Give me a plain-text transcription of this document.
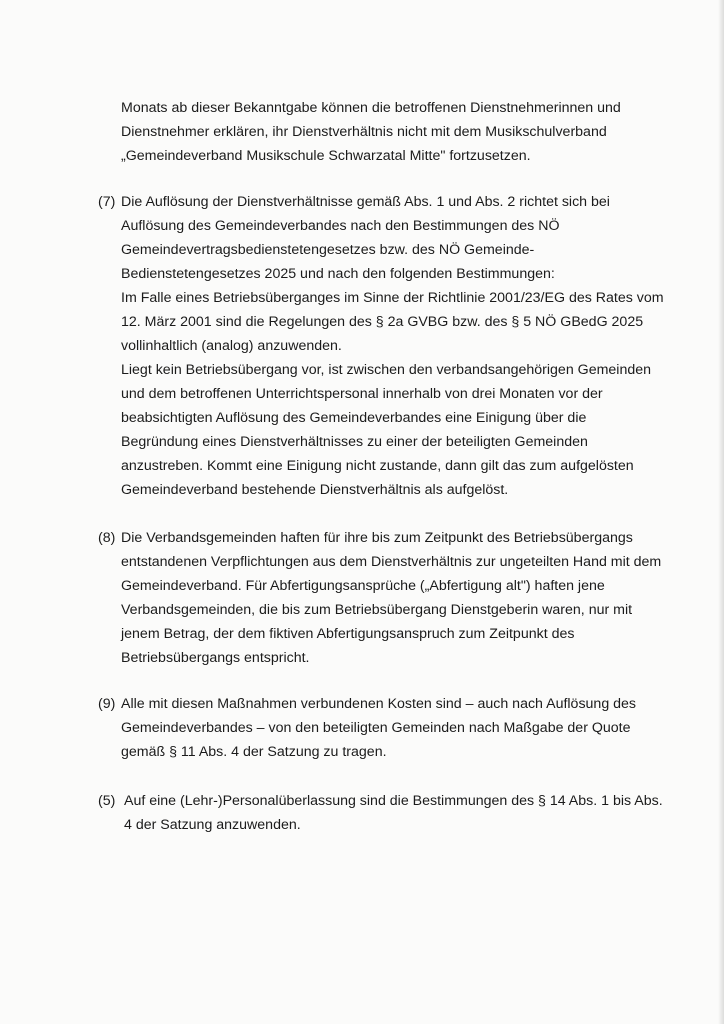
Monats ab dieser Bekanntgabe können die betroffenen Dienstnehmerinnen und
Dienstnehmer erklären, ihr Dienstverhältnis nicht mit dem Musikschulverband
„Gemeindeverband Musikschule Schwarzatal Mitte" fortzusetzen.
(7) Die Auflösung der Dienstverhältnisse gemäß Abs. 1 und Abs. 2 richtet sich bei
Auflösung des Gemeindeverbandes nach den Bestimmungen des NÖ
Gemeindevertragsbedienstetengesetzes bzw. des NÖ Gemeinde-
Bedienstetengesetzes 2025 und nach den folgenden Bestimmungen:
Im Falle eines Betriebsüberganges im Sinne der Richtlinie 2001/23/EG des Rates vom
12. März 2001 sind die Regelungen des § 2a GVBG bzw. des § 5 NÖ GBedG 2025
vollinhaltlich (analog) anzuwenden.
Liegt kein Betriebsübergang vor, ist zwischen den verbandsangehörigen Gemeinden
und dem betroffenen Unterrichtspersonal innerhalb von drei Monaten vor der
beabsichtigten Auflösung des Gemeindeverbandes eine Einigung über die
Begründung eines Dienstverhältnisses zu einer der beteiligten Gemeinden
anzustreben. Kommt eine Einigung nicht zustande, dann gilt das zum aufgelösten
Gemeindeverband bestehende Dienstverhältnis als aufgelöst.
(8) Die Verbandsgemeinden haften für ihre bis zum Zeitpunkt des Betriebsübergangs
entstandenen Verpflichtungen aus dem Dienstverhältnis zur ungeteilten Hand mit dem
Gemeindeverband. Für Abfertigungsansprüche („Abfertigung alt") haften jene
Verbandsgemeinden, die bis zum Betriebsübergang Dienstgeberin waren, nur mit
jenem Betrag, der dem fiktiven Abfertigungsanspruch zum Zeitpunkt des
Betriebsübergangs entspricht.
(9) Alle mit diesen Maßnahmen verbundenen Kosten sind – auch nach Auflösung des
Gemeindeverbandes – von den beteiligten Gemeinden nach Maßgabe der Quote
gemäß § 11 Abs. 4 der Satzung zu tragen.
(5) Auf eine (Lehr-)Personalüberlassung sind die Bestimmungen des § 14 Abs. 1 bis Abs.
4 der Satzung anzuwenden.
